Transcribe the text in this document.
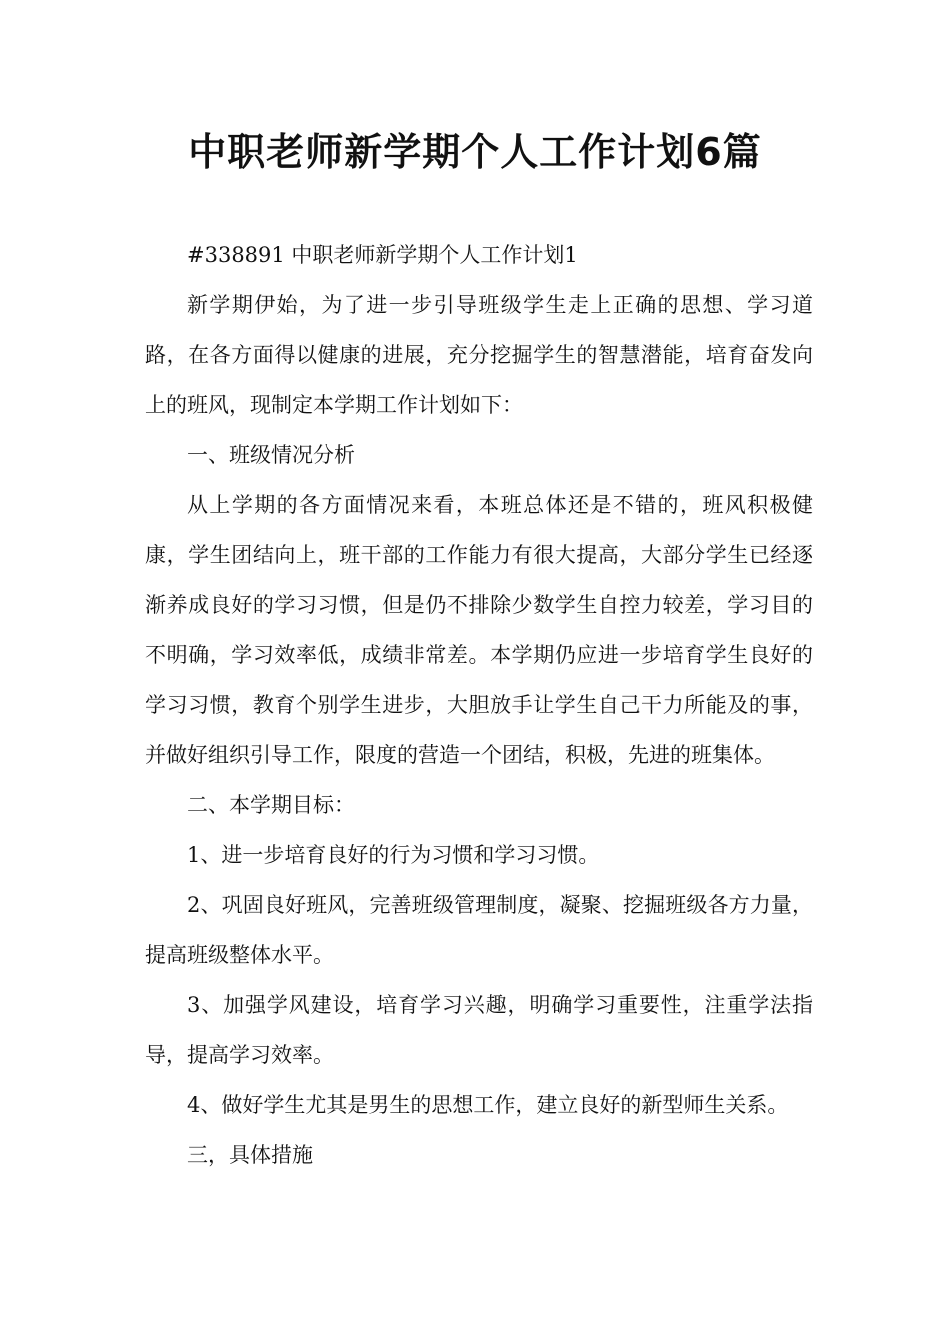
中职老师新学期个人工作计划6篇

#338891 中职老师新学期个人工作计划1

新学期伊始，为了进一步引导班级学生走上正确的思想、学习道路，在各方面得以健康的进展，充分挖掘学生的智慧潜能，培育奋发向上的班风，现制定本学期工作计划如下：

一、班级情况分析

从上学期的各方面情况来看，本班总体还是不错的，班风积极健康，学生团结向上，班干部的工作能力有很大提高，大部分学生已经逐渐养成良好的学习习惯，但是仍不排除少数学生自控力较差，学习目的不明确，学习效率低，成绩非常差。本学期仍应进一步培育学生良好的学习习惯，教育个别学生进步，大胆放手让学生自己干力所能及的事，并做好组织引导工作，限度的营造一个团结，积极，先进的班集体。

二、本学期目标：

1、进一步培育良好的行为习惯和学习习惯。

2、巩固良好班风，完善班级管理制度，凝聚、挖掘班级各方力量，提高班级整体水平。

3、加强学风建设，培育学习兴趣，明确学习重要性，注重学法指导，提高学习效率。

4、做好学生尤其是男生的思想工作，建立良好的新型师生关系。

三，具体措施
